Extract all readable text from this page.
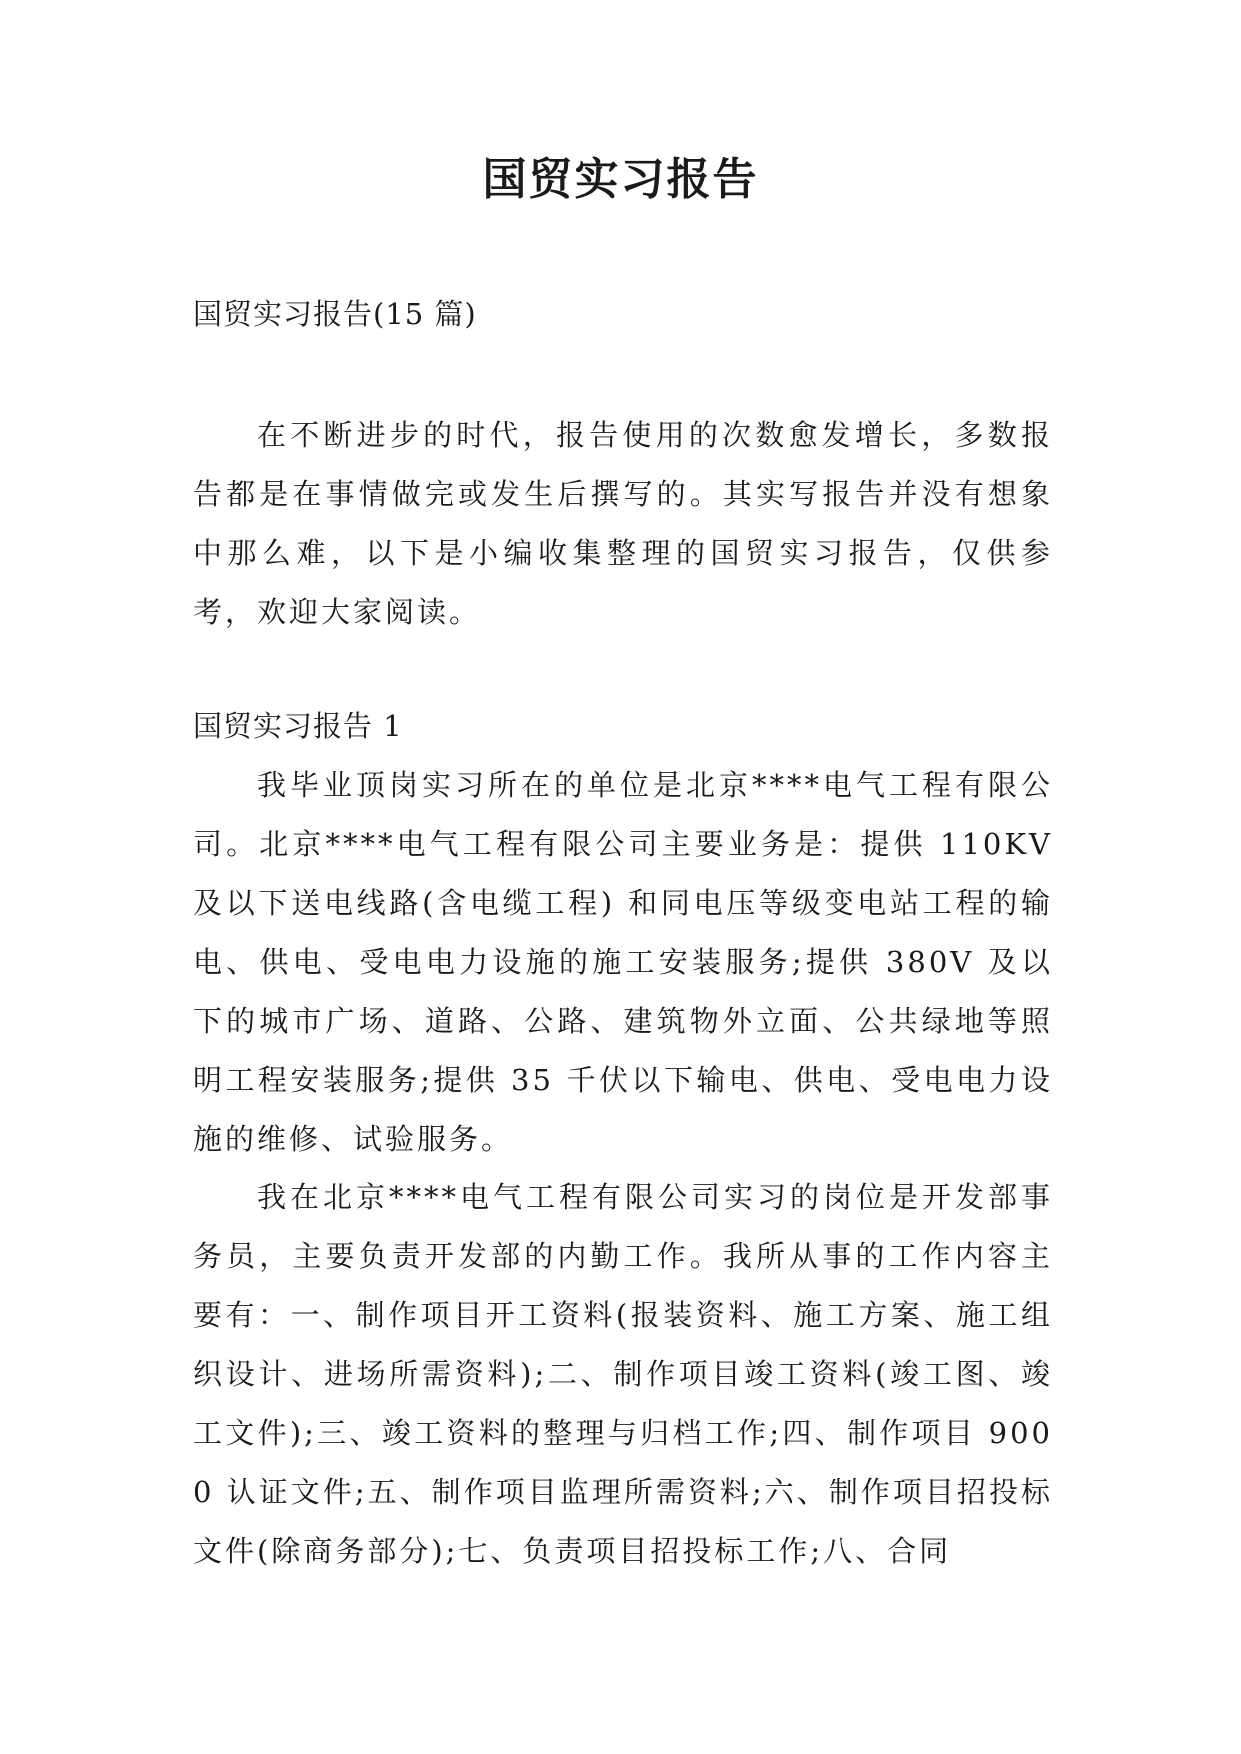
国贸实习报告
国贸实习报告(15 篇)
在不断进步的时代，报告使用的次数愈发增长，多数报告都是在事情做完或发生后撰写的。其实写报告并没有想象中那么难，以下是小编收集整理的国贸实习报告，仅供参考，欢迎大家阅读。
国贸实习报告 1
我毕业顶岗实习所在的单位是北京****电气工程有限公司。北京****电气工程有限公司主要业务是：提供 110KV 及以下送电线路(含电缆工程) 和同电压等级变电站工程的输电、供电、受电电力设施的施工安装服务;提供 380V 及以下的城市广场、道路、公路、建筑物外立面、公共绿地等照明工程安装服务;提供 35 千伏以下输电、供电、受电电力设施的维修、试验服务。
我在北京****电气工程有限公司实习的岗位是开发部事务员，主要负责开发部的内勤工作。我所从事的工作内容主要有：一、制作项目开工资料(报装资料、施工方案、施工组织设计、进场所需资料);二、制作项目竣工资料(竣工图、竣工文件);三、竣工资料的整理与归档工作;四、制作项目 9000 认证文件;五、制作项目监理所需资料;六、制作项目招投标文件(除商务部分);七、负责项目招投标工作;八、合同
